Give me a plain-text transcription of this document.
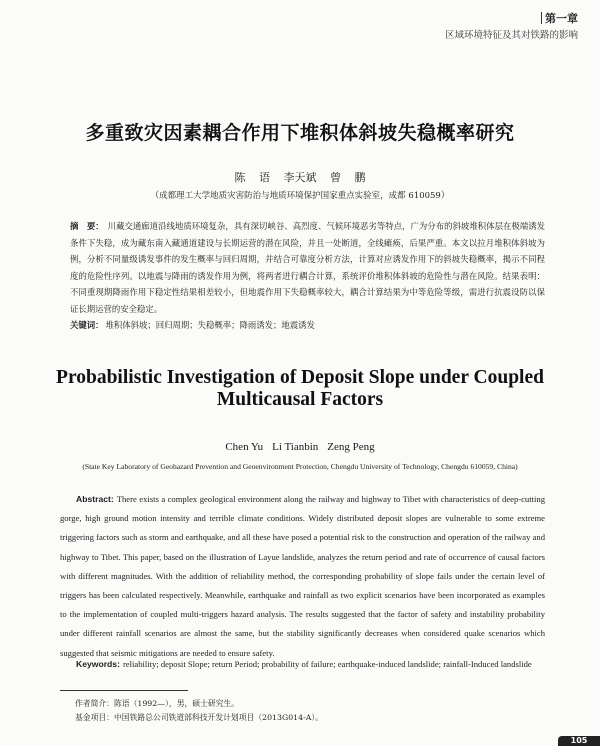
第一章
区域环境特征及其对铁路的影响
多重致灾因素耦合作用下堆积体斜坡失稳概率研究
陈 语 李天斌 曾 鹏
（成都理工大学地质灾害防治与地质环境保护国家重点实验室，成都 610059）
摘　要： 川藏交通廊道沿线地质环境复杂，具有深切峡谷、高烈度、气候环境恶劣等特点，广为分布的斜坡堆积体层在极端诱发条件下失稳，成为藏东南入藏通道建设与长期运营的潜在风险，并且一处断道，全线瘫痪，后果严重。本文以拉月堆积体斜坡为例，分析不同量级诱发事件的发生概率与回归周期，并结合可靠度分析方法，计算对应诱发作用下的斜坡失稳概率，揭示不同程度的危险性序列。以地震与降雨的诱发作用为例，将两者进行耦合计算，系统评价堆积体斜坡的危险性与潜在风险。结果表明：不同重现期降雨作用下稳定性结果相差较小，但地震作用下失稳概率较大，耦合计算结果为中等危险等级，需进行抗震设防以保证长期运营的安全稳定。
关键词： 堆积体斜坡；回归周期；失稳概率；降雨诱发；地震诱发
Probabilistic Investigation of Deposit Slope under Coupled
Multicausal Factors
Chen Yu Li Tianbin Zeng Peng
(State Key Laboratory of Geohazard Prevention and Geoenvironment Protection, Chengdu University of Technology, Chengdu 610059, China)
Abstract: There exists a complex geological environment along the railway and highway to Tibet with characteristics of deep-cutting gorge, high ground motion intensity and terrible climate conditions. Widely distributed deposit slopes are vulnerable to some extreme triggering factors such as storm and earthquake, and all these have posed a potential risk to the construction and operation of the railway and highway to Tibet. This paper, based on the illustration of Layue landslide, analyzes the return period and rate of occurrence of causal factors with different magnitudes. With the addition of reliability method, the corresponding probability of slope fails under the certain level of triggers has been calculated respectively. Meanwhile, earthquake and rainfall as two explicit scenarios have been incorporated as examples to the implementation of coupled multi-triggers hazard analysis. The results suggested that the factor of safety and instability probability under different rainfall scenarios are almost the same, but the stability significantly decreases when considered quake scenarios which suggested that seismic mitigations are needed to ensure safety.
Keywords: reliability; deposit Slope; return Period; probability of failure; earthquake-induced landslide; rainfall-Induced landslide
作者简介：陈语（1992—），男，硕士研究生。
基金项目：中国铁路总公司铁道部科技开发计划项目（2013G014-A）。
105
